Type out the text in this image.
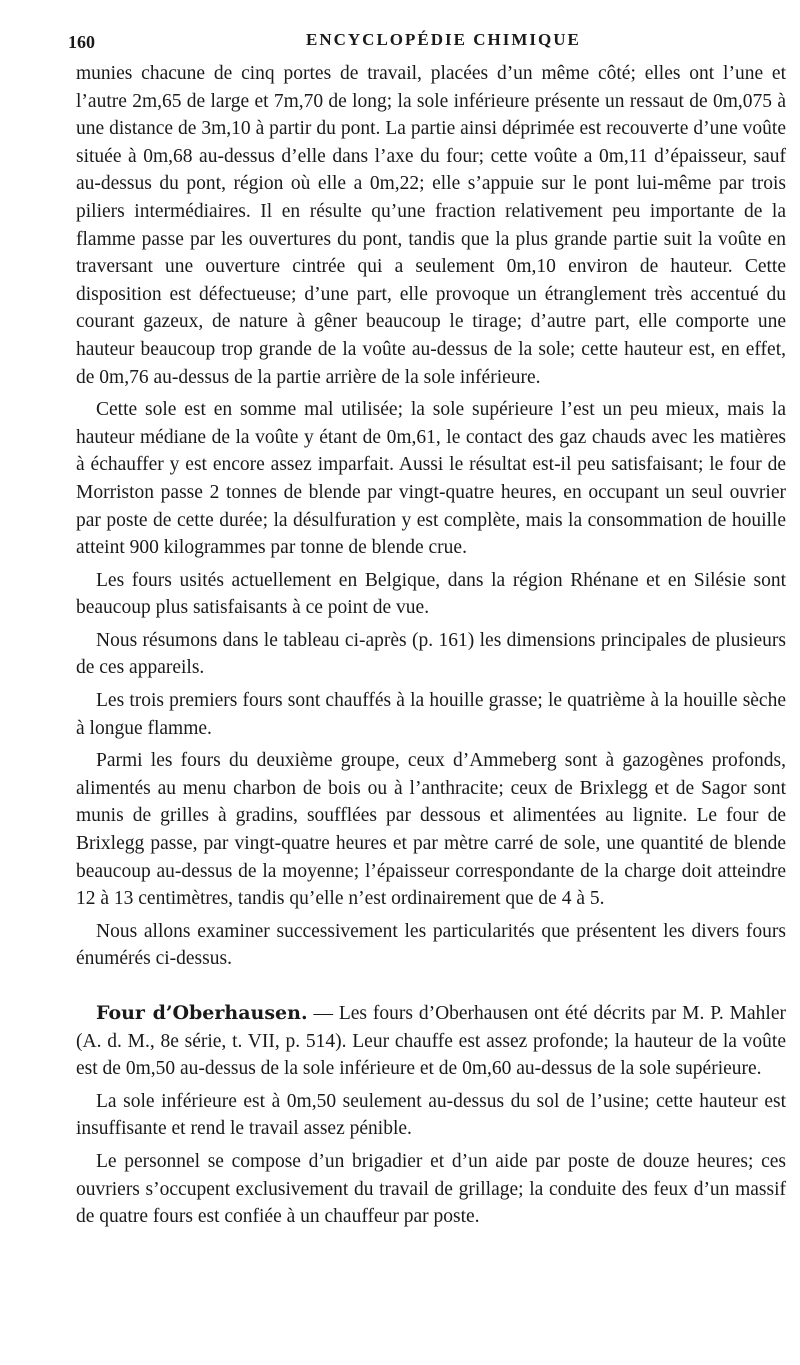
160	ENCYCLOPÉDIE CHIMIQUE

munies chacune de cinq portes de travail, placées d’un même côté; elles ont l’une et l’autre 2m,65 de large et 7m,70 de long; la sole inférieure présente un ressaut de 0m,075 à une distance de 3m,10 à partir du pont. La partie ainsi déprimée est recouverte d’une voûte située à 0m,68 au-dessus d’elle dans l’axe du four; cette voûte a 0m,11 d’épaisseur, sauf au-dessus du pont, région où elle a 0m,22; elle s’appuie sur le pont lui-même par trois piliers intermédiaires. Il en résulte qu’une fraction relativement peu importante de la flamme passe par les ouvertures du pont, tandis que la plus grande partie suit la voûte en traversant une ouverture cintrée qui a seulement 0m,10 environ de hauteur. Cette disposition est défectueuse; d’une part, elle provoque un étranglement très accentué du courant gazeux, de nature à gêner beaucoup le tirage; d’autre part, elle comporte une hauteur beaucoup trop grande de la voûte au-dessus de la sole; cette hauteur est, en effet, de 0m,76 au-dessus de la partie arrière de la sole inférieure.

Cette sole est en somme mal utilisée; la sole supérieure l’est un peu mieux, mais la hauteur médiane de la voûte y étant de 0m,61, le contact des gaz chauds avec les matières à échauffer y est encore assez imparfait. Aussi le résultat est-il peu satisfaisant; le four de Morriston passe 2 tonnes de blende par vingt-quatre heures, en occupant un seul ouvrier par poste de cette durée; la désulfuration y est complète, mais la consommation de houille atteint 900 kilogrammes par tonne de blende crue.

Les fours usités actuellement en Belgique, dans la région Rhénane et en Silésie sont beaucoup plus satisfaisants à ce point de vue.

Nous résumons dans le tableau ci-après (p. 161) les dimensions principales de plusieurs de ces appareils.

Les trois premiers fours sont chauffés à la houille grasse; le quatrième à la houille sèche à longue flamme.

Parmi les fours du deuxième groupe, ceux d’Ammeberg sont à gazogènes profonds, alimentés au menu charbon de bois ou à l’anthracite; ceux de Brixlegg et de Sagor sont munis de grilles à gradins, soufflées par dessous et alimentées au lignite. Le four de Brixlegg passe, par vingt-quatre heures et par mètre carré de sole, une quantité de blende beaucoup au-dessus de la moyenne; l’épaisseur correspondante de la charge doit atteindre 12 à 13 centimètres, tandis qu’elle n’est ordinairement que de 4 à 5.

Nous allons examiner successivement les particularités que présentent les divers fours énumérés ci-dessus.

Four d’Oberhausen. — Les fours d’Oberhausen ont été décrits par M. P. Mahler (A. d. M., 8e série, t. VII, p. 514). Leur chauffe est assez profonde; la hauteur de la voûte est de 0m,50 au-dessus de la sole inférieure et de 0m,60 au-dessus de la sole supérieure.

La sole inférieure est à 0m,50 seulement au-dessus du sol de l’usine; cette hauteur est insuffisante et rend le travail assez pénible.

Le personnel se compose d’un brigadier et d’un aide par poste de douze heures; ces ouvriers s’occupent exclusivement du travail de grillage; la conduite des feux d’un massif de quatre fours est confiée à un chauffeur par poste.
